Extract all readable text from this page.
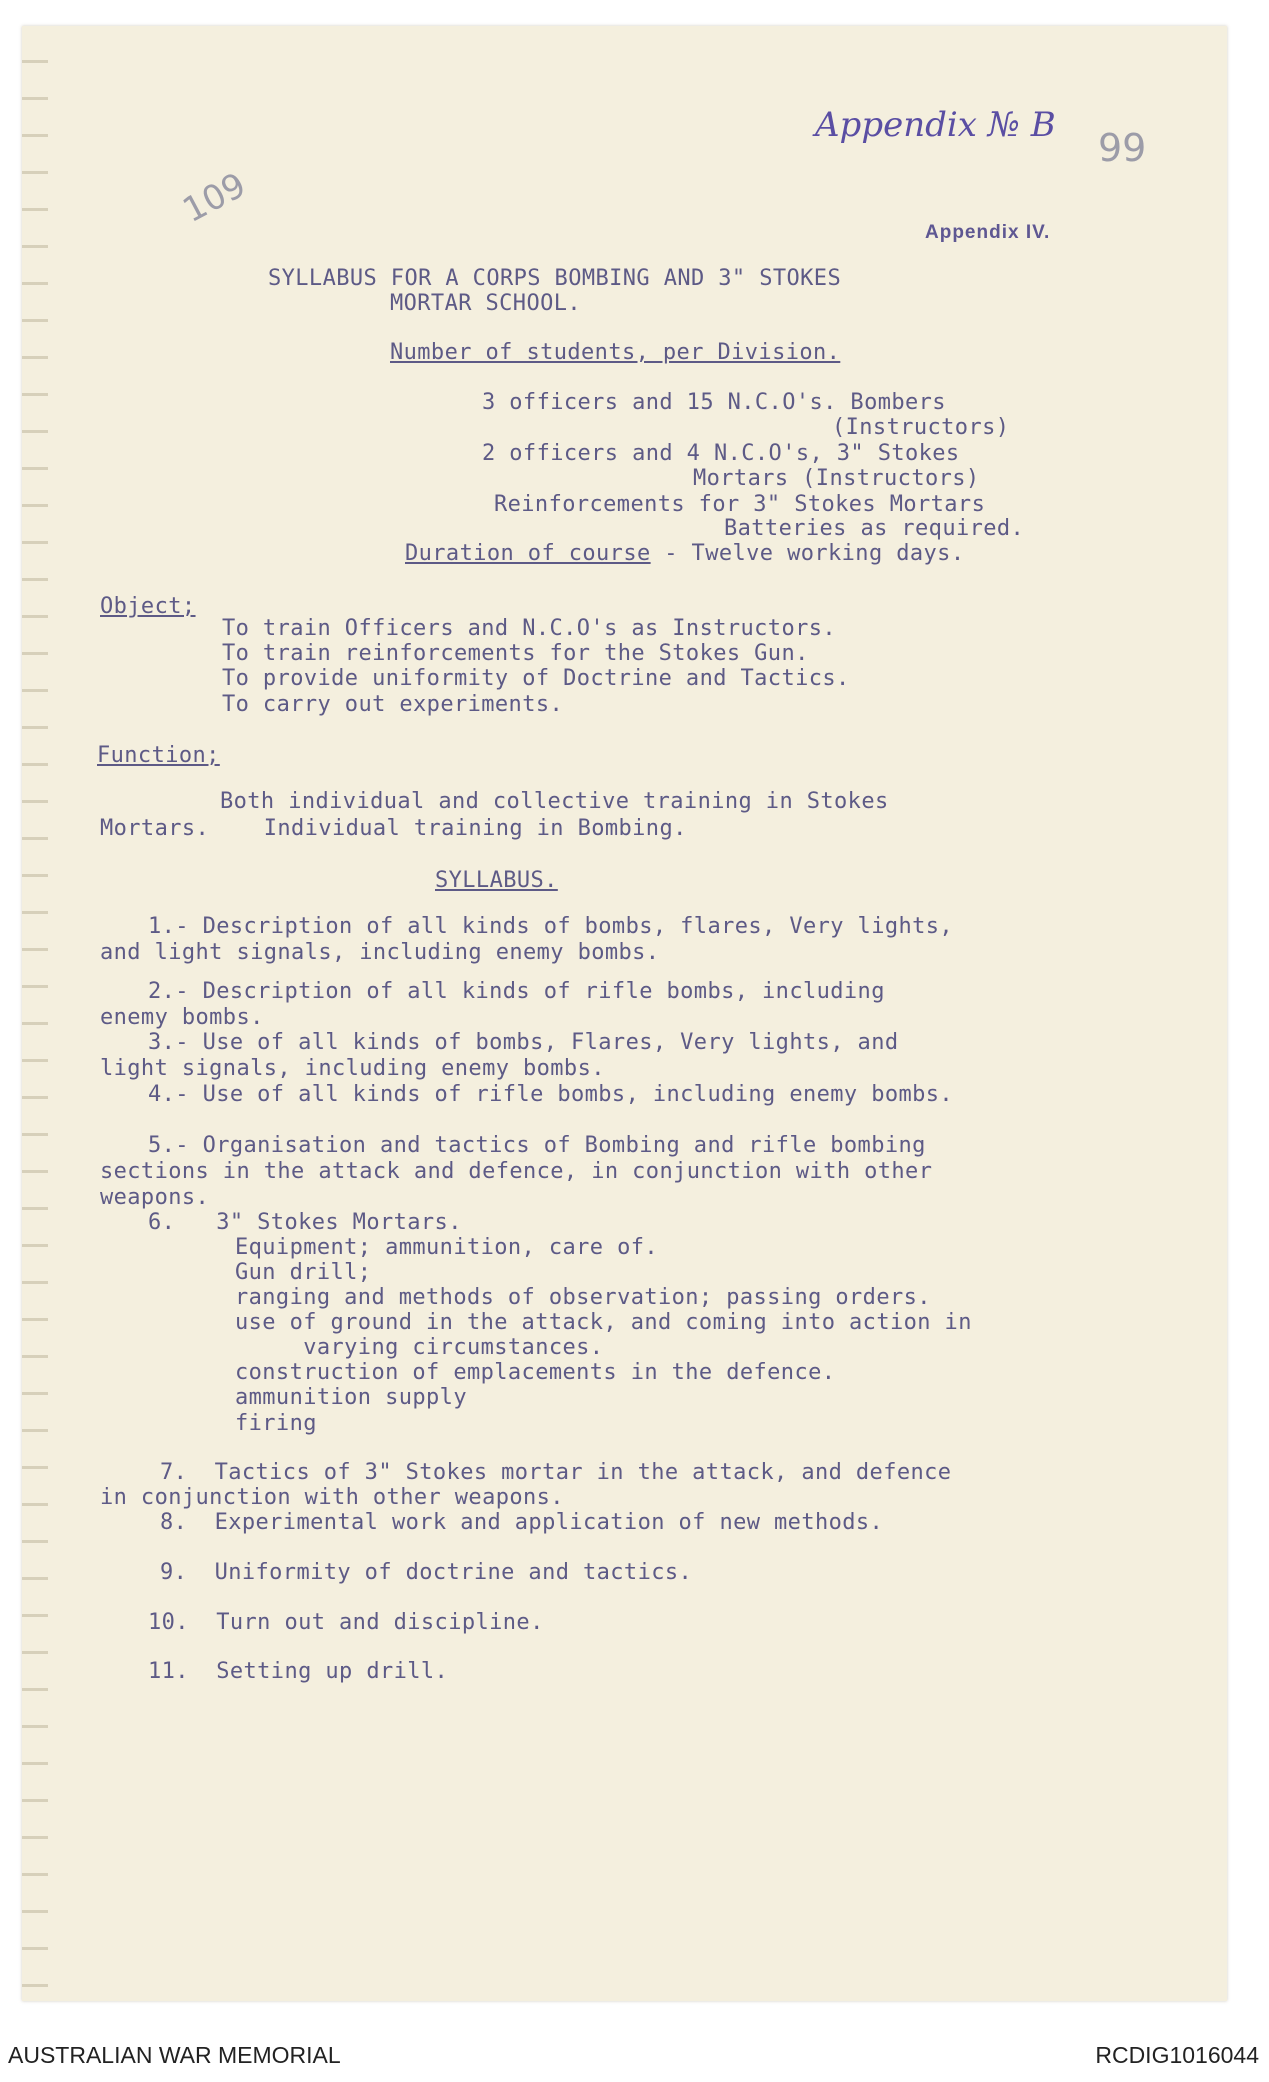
Appendix № B
99
109
Appendix IV.
SYLLABUS FOR A CORPS BOMBING AND 3" STOKES
MORTAR SCHOOL.
Number of students, per Division.
3 officers and 15 N.C.O's. Bombers
(Instructors)
2 officers and 4 N.C.O's, 3" Stokes
Mortars (Instructors)
Reinforcements for 3" Stokes Mortars
Batteries as required.
Duration of course - Twelve working days.
Object;
To train Officers and N.C.O's as Instructors.
To train reinforcements for the Stokes Gun.
To provide uniformity of Doctrine and Tactics.
To carry out experiments.
Function;
Both individual and collective training in Stokes
Mortars.    Individual training in Bombing.
SYLLABUS.
1.- Description of all kinds of bombs, flares, Very lights,
and light signals, including enemy bombs.
2.- Description of all kinds of rifle bombs, including
enemy bombs.
3.- Use of all kinds of bombs, Flares, Very lights, and
light signals, including enemy bombs.
4.- Use of all kinds of rifle bombs, including enemy bombs.
5.- Organisation and tactics of Bombing and rifle bombing
sections in the attack and defence, in conjunction with other
weapons.
6.   3" Stokes Mortars.
Equipment; ammunition, care of.
Gun drill;
ranging and methods of observation; passing orders.
use of ground in the attack, and coming into action in
varying circumstances.
construction of emplacements in the defence.
ammunition supply
firing
7.  Tactics of 3" Stokes mortar in the attack, and defence
in conjunction with other weapons.
8.  Experimental work and application of new methods.
9.  Uniformity of doctrine and tactics.
10.  Turn out and discipline.
11.  Setting up drill.
AUSTRALIAN WAR MEMORIAL	RCDIG1016044
